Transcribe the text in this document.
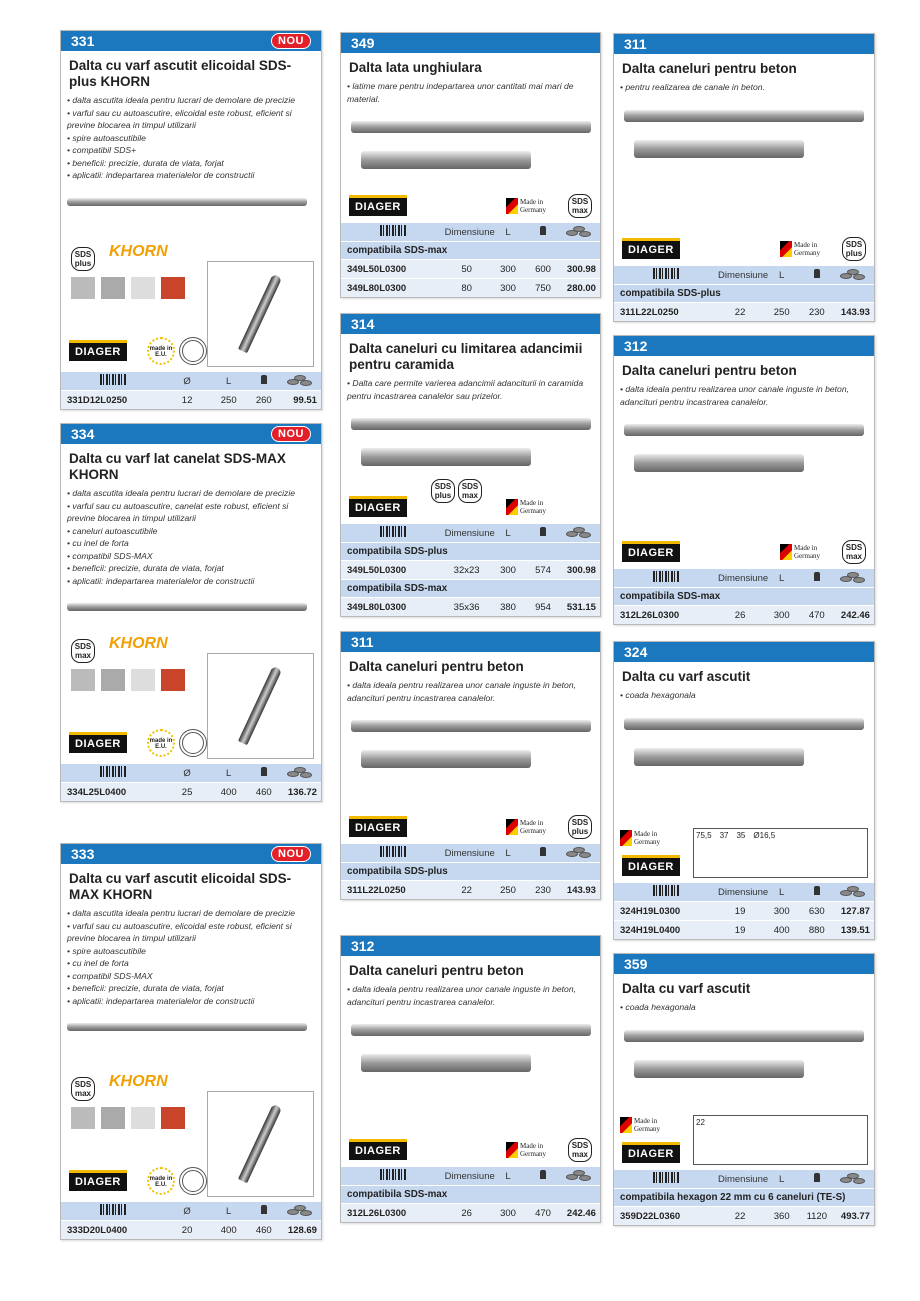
331	NOU
Dalta cu varf ascutit elicoidal SDS-plus KHORN
• dalta ascutita ideala pentru lucrari de demolare de precizie
• varful sau cu autoascutire, elicoidal este robust, eficient si previne blocarea in timpul utilizarii
• spire autoascutibile
• compatibil SDS+
• beneficii: precizie, durata de viata, forjat
• aplicatii: indepartarea materialelor de constructii
SDS
plus
KHORN
DIAGER	made in E.U.
Ø	L
331D12L0250	12	250	260	99.51
334	NOU
Dalta cu varf lat canelat SDS-MAX KHORN
• dalta ascutita ideala pentru lucrari de demolare de precizie
• varful sau cu autoascutire, canelat este robust, eficient si previne blocarea in timpul utilizarii
• caneluri autoascutibile
• cu inel de forta
• compatibil SDS-MAX
• beneficii: precizie, durata de viata, forjat
• aplicatii: indepartarea materialelor de constructii
SDS
max
KHORN
DIAGER	made in E.U.
Ø	L
334L25L0400	25	400	460	136.72
333	NOU
Dalta cu varf ascutit elicoidal SDS-MAX KHORN
• dalta ascutita ideala pentru lucrari de demolare de precizie
• varful sau cu autoascutire, elicoidal este robust, eficient si previne blocarea in timpul utilizarii
• spire autoascutibile
• cu inel de forta
• compatibil SDS-MAX
• beneficii: precizie, durata de viata, forjat
• aplicatii: indepartarea materialelor de constructii
SDS
max
KHORN
DIAGER	made in E.U.
Ø	L
333D20L0400	20	400	460	128.69
349
Dalta lata unghiulara
• latime mare pentru indepartarea unor cantitati mai mari de material.
DIAGER	Made in Germany
SDS
max
Dimensiune	L
compatibila SDS-max
349L50L0300	50	300	600	300.98
349L80L0300	80	300	750	280.00
314
Dalta caneluri cu limitarea adancimii pentru caramida
• Dalta care permite varierea adancimii adanciturii in caramida pentru incastrarea canalelor sau prizelor.
DIAGER	Made in Germany
SDS
plus
SDS
max
Dimensiune	L
compatibila SDS-plus
349L50L0300	32x23	300	574	300.98
compatibila SDS-max
349L80L0300	35x36	380	954	531.15
311
Dalta caneluri pentru beton
• dalta ideala pentru realizarea unor canale inguste in beton, adancituri pentru incastrarea canalelor.
DIAGER	Made in Germany
SDS
plus
Dimensiune	L
compatibila SDS-plus
311L22L0250	22	250	230	143.93
312
Dalta caneluri pentru beton
• dalta ideala pentru realizarea unor canale inguste in beton, adancituri pentru incastrarea canalelor.
DIAGER	Made in Germany
SDS
max
Dimensiune	L
compatibila SDS-max
312L26L0300	26	300	470	242.46
311
Dalta caneluri pentru beton
• pentru realizarea de canale in beton.
DIAGER	Made in Germany
SDS
plus
Dimensiune	L
compatibila SDS-plus
311L22L0250	22	250	230	143.93
312
Dalta caneluri pentru beton
• dalta ideala pentru realizarea unor canale inguste in beton, adancituri pentru incastrarea canalelor.
DIAGER	Made in Germany
SDS
max
Dimensiune	L
compatibila SDS-max
312L26L0300	26	300	470	242.46
324
Dalta cu varf ascutit
• coada hexagonala
75,5 37 35 Ø16,5
DIAGER
Made in Germany
Dimensiune	L
324H19L0300	19	300	630	127.87
324H19L0400	19	400	880	139.51
359
Dalta cu varf ascutit
• coada hexagonala
22
DIAGER
Made in Germany
Dimensiune	L
compatibila hexagon 22 mm cu 6 caneluri (TE-S)
359D22L0360	22	360	1120	493.77
